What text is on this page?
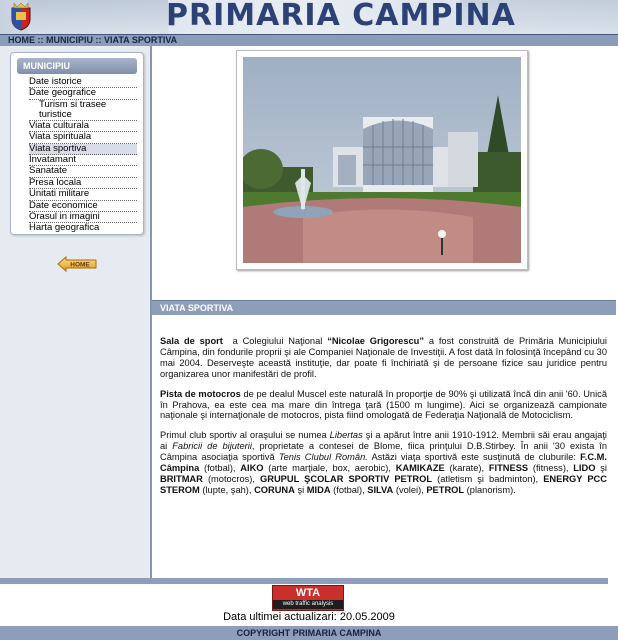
PRIMARIA CAMPINA
HOME :: MUNICIPIU :: VIATA SPORTIVA
MUNICIPIU
Date istorice
Date geografice
Turism si trasee turistice
Viata culturala
Viata spirituala
Viata sportiva
Invatamant
Sanatate
Presa locala
Unitati militare
Date economice
Orasul in imagini
Harta geografica
HOME
VIATA SPORTIVA

Sala de sport a Colegiului Naţional “Nicolae Grigorescu” a fost construită de Primăria Municipiului Câmpina, din fondurile proprii şi ale Companiei Naţionale de Investiţii. A fost dată în folosinţă începând cu 30 mai 2004. Deserveşte această instituţie, dar poate fi închiriată şi de persoane fizice sau juridice pentru organizarea unor manifestări de profil.

Pista de motocros de pe dealul Muscel este naturală în proporţie de 90% şi utilizată încă din anii '60. Unică în Prahova, ea este cea ma mare din întrega ţară (1500 m lungime). Aici se organizează campionate naţionale şi internaţionale de motocros, pista fiind omologată de Federaţia Naţională de Motociclism.

Primul club sportiv al oraşului se numea Libertas şi a apărut între anii 1910-1912. Membrii săi erau angajaţi ai Fabricii de bijuterii, proprietate a contesei de Blome, fiica prinţului D.B.Stirbey. În anii '30 exista în Câmpina asociaţia sportivă Tenis Clubul Român. Astăzi viaţa sportivă este susţinută de cluburile: F.C.M. Câmpina (fotbal), AIKO (arte marţiale, box, aerobic), KAMIKAZE (karate), FITNESS (fitness), LIDO şi BRITMAR (motocros), GRUPUL ŞCOLAR SPORTIV PETROL (atletism şi badminton), ENERGY PCC STEROM (lupte, şah), CORUNA şi MIDA (fotbal), SILVA (volei), PETROL (planorism).

WTA
web traffic analysis
Data ultimei actualizari: 20.05.2009
COPYRIGHT PRIMARIA CAMPINA
